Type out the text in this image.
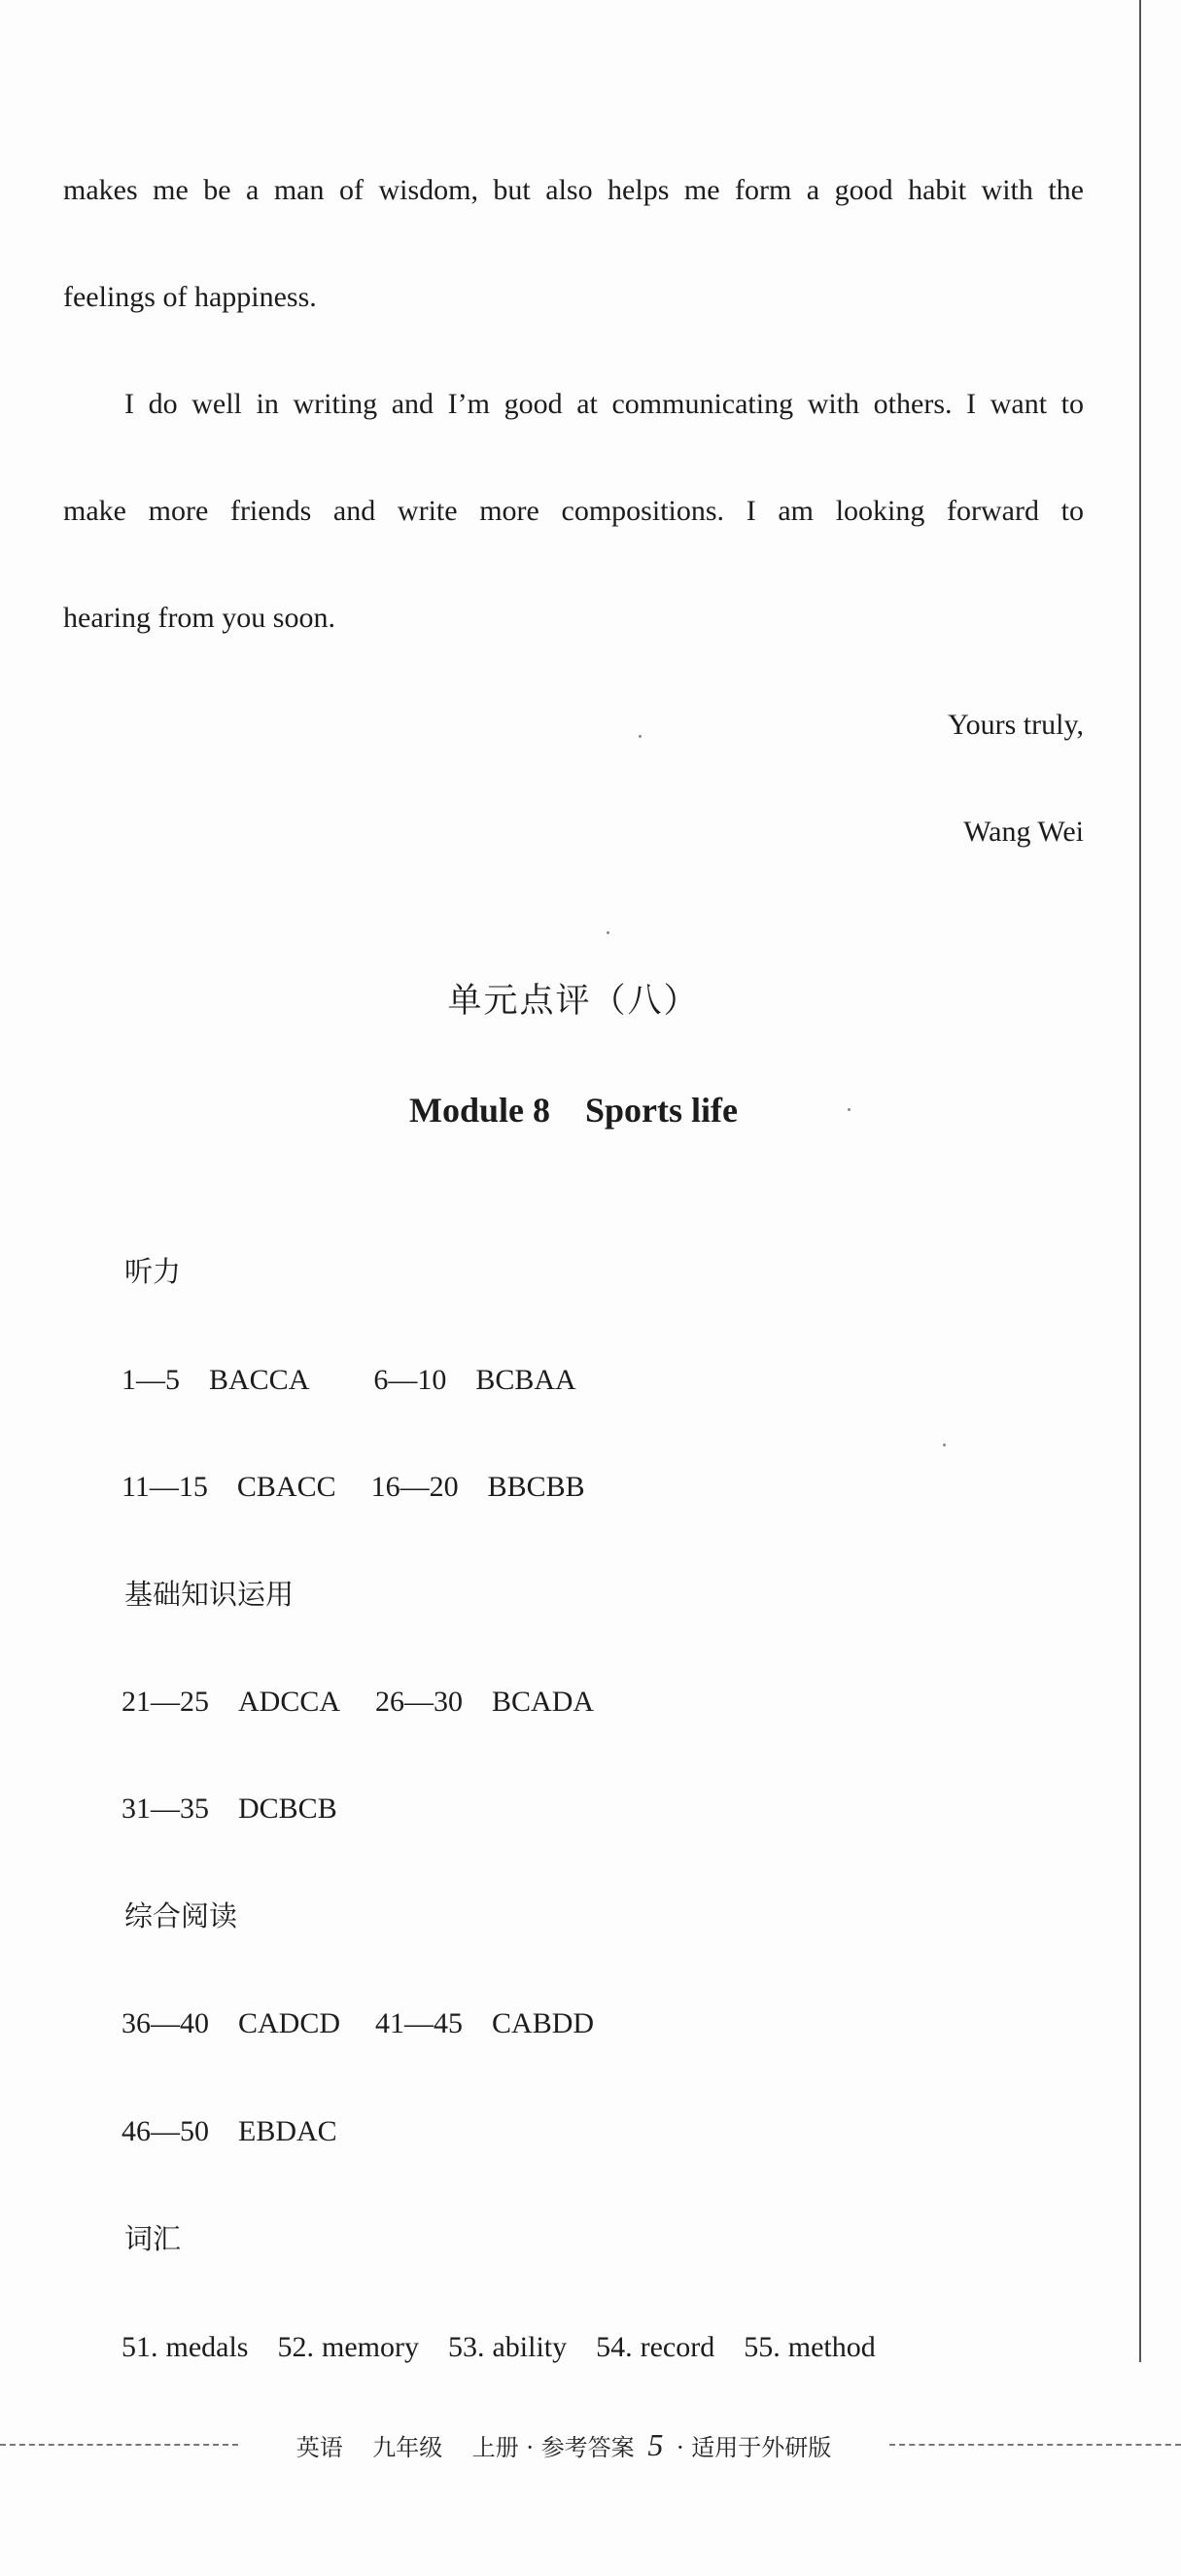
makes me be a man of wisdom, but also helps me form a good habit with the
feelings of happiness.
I do well in writing and I’m good at communicating with others. I want to
make more friends and write more compositions. I am looking forward to
hearing from you soon.
Yours truly,
Wang Wei
单元点评（八）
Module 8 Sports life
听力
1—5 BACCA 6—10 BCBAA
11—15 CBACC 16—20 BBCBB
基础知识运用
21—25 ADCCA 26—30 BCADA
31—35 DCBCB
综合阅读
36—40 CADCD 41—45 CABDD
46—50 EBDAC
词汇
51. medals 52. memory 53. ability 54. record 55. method
英语 九年级 上册 · 参考答案 5 · 适用于外研版
